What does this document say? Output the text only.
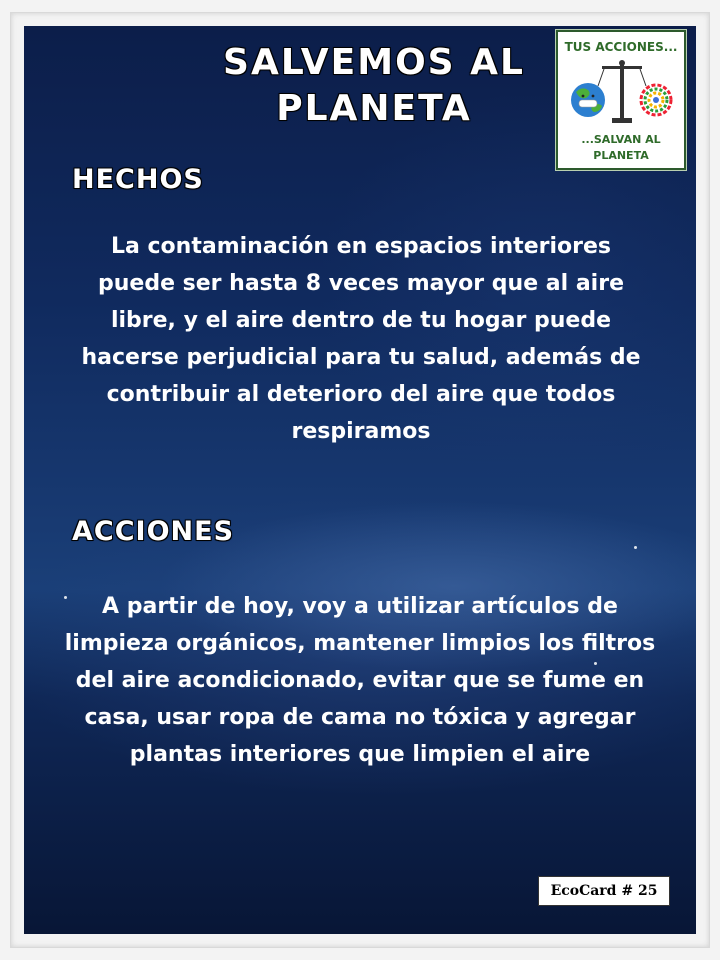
SALVEMOS AL PLANETA
TUS ACCIONES...
...SALVAN AL
PLANETA
HECHOS

La contaminación en espacios interiores puede ser hasta 8 veces mayor que al aire libre, y el aire dentro de tu hogar puede hacerse perjudicial para tu salud, además de contribuir al deterioro del aire que todos respiramos

ACCIONES

A partir de hoy, voy a utilizar artículos de limpieza orgánicos, mantener limpios los filtros del aire acondicionado, evitar que se fume en casa, usar ropa de cama no tóxica y agregar plantas interiores que limpien el aire

EcoCard # 25
